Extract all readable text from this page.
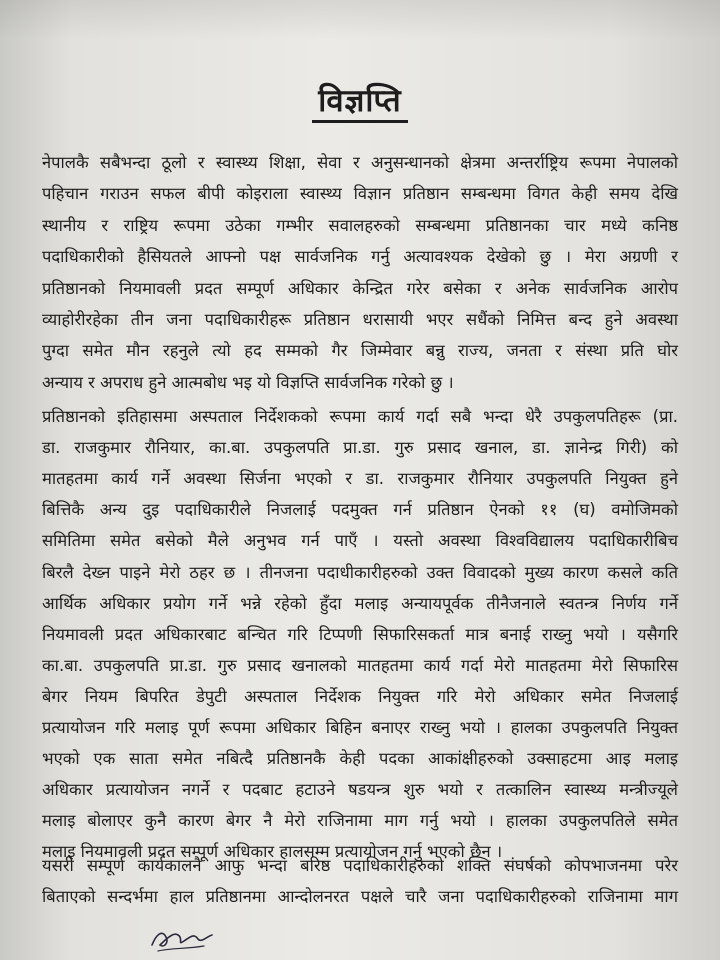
विज्ञप्ति
नेपालकै सबैभन्दा ठूलो र स्वास्थ्य शिक्षा, सेवा र अनुसन्धानको क्षेत्रमा अन्तर्राष्ट्रिय रूपमा नेपालको
पहिचान गराउन सफल बीपी कोइराला स्वास्थ्य विज्ञान प्रतिष्ठान सम्बन्धमा विगत केही समय देखि
स्थानीय र राष्ट्रिय रूपमा उठेका गम्भीर सवालहरुको सम्बन्धमा प्रतिष्ठानका चार मध्ये कनिष्ठ
पदाधिकारीको हैसियतले आफ्नो पक्ष सार्वजनिक गर्नु अत्यावश्यक देखेको छु । मेरा अग्रणी र
प्रतिष्ठानको नियमावली प्रदत सम्पूर्ण अधिकार केन्द्रित गरेर बसेका र अनेक सार्वजनिक आरोप
व्याहोरीरहेका तीन जना पदाधिकारीहरू प्रतिष्ठान धरासायी भएर सधैंको निमित्त बन्द हुने अवस्था
पुग्दा समेत मौन रहनुले त्यो हद सम्मको गैर जिम्मेवार बन्नु राज्य, जनता र संस्था प्रति घोर
अन्याय र अपराध हुने आत्मबोध भइ यो विज्ञप्ति सार्वजनिक गरेको छु ।
प्रतिष्ठानको इतिहासमा अस्पताल निर्देशकको रूपमा कार्य गर्दा सबै भन्दा धेरै उपकुलपतिहरू (प्रा.
डा. राजकुमार रौनियार, का.बा. उपकुलपति प्रा.डा. गुरु प्रसाद खनाल, डा. ज्ञानेन्द्र गिरी) को
मातहतमा कार्य गर्ने अवस्था सिर्जना भएको र डा. राजकुमार रौनियार उपकुलपति नियुक्त हुने
बित्तिकै अन्य दुइ पदाधिकारीले निजलाई पदमुक्त गर्न प्रतिष्ठान ऐनको ११ (घ) वमोजिमको
समितिमा समेत बसेको मैले अनुभव गर्न पाएँ । यस्तो अवस्था विश्वविद्यालय पदाधिकारीबिच
बिरलै देख्न पाइने मेरो ठहर छ । तीनजना पदाधीकारीहरुको उक्त विवादको मुख्य कारण कसले कति
आर्थिक अधिकार प्रयोग गर्ने भन्ने रहेको हुँदा मलाइ अन्यायपूर्वक तीनैजनाले स्वतन्त्र निर्णय गर्ने
नियमावली प्रदत अधिकारबाट बन्चित गरि टिप्पणी सिफारिसकर्ता मात्र बनाई राख्नु भयो । यसैगरि
का.बा. उपकुलपति प्रा.डा. गुरु प्रसाद खनालको मातहतमा कार्य गर्दा मेरो मातहतमा मेरो सिफारिस
बेगर नियम बिपरित डेपुटी अस्पताल निर्देशक नियुक्त गरि मेरो अधिकार समेत निजलाई
प्रत्यायोजन गरि मलाइ पूर्ण रूपमा अधिकार बिहिन बनाएर राख्नु भयो । हालका उपकुलपति नियुक्त
भएको एक साता समेत नबित्दै प्रतिष्ठानकै केही पदका आकांक्षीहरुको उक्साहटमा आइ मलाइ
अधिकार प्रत्यायोजन नगर्ने र पदबाट हटाउने षडयन्त्र शुरु भयो र तत्कालिन स्वास्थ्य मन्त्रीज्यूले
मलाइ बोलाएर कुनै कारण बेगर नै मेरो राजिनामा माग गर्नु भयो । हालका उपकुलपतिले समेत
मलाइ नियमावली प्रदत सम्पूर्ण अधिकार हालसम्म प्रत्यायोजन गर्नु भएको छैन ।
यसरी सम्पूर्ण कार्यकालनै आफु भन्दा बरिष्ठ पदाधिकारीहरुको शक्ति संघर्षको कोपभाजनमा परेर
बिताएको सन्दर्भमा हाल प्रतिष्ठानमा आन्दोलनरत पक्षले चारै जना पदाधिकारीहरुको राजिनामा माग
